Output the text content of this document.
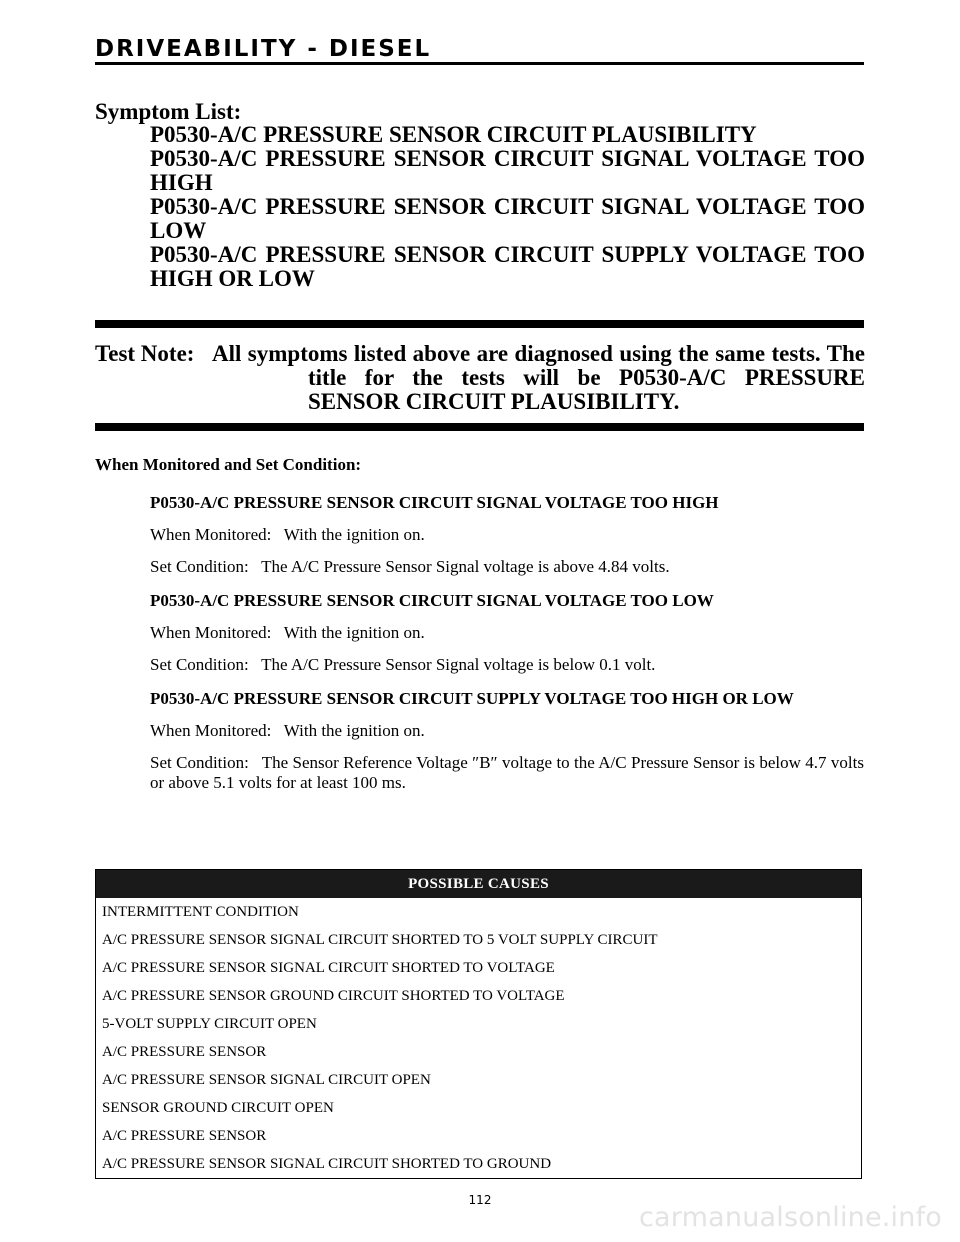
DRIVEABILITY - DIESEL
Symptom List:
P0530-A/C PRESSURE SENSOR CIRCUIT PLAUSIBILITY
P0530-A/C PRESSURE SENSOR CIRCUIT SIGNAL VOLTAGE TOO HIGH
P0530-A/C PRESSURE SENSOR CIRCUIT SIGNAL VOLTAGE TOO LOW
P0530-A/C PRESSURE SENSOR CIRCUIT SUPPLY VOLTAGE TOO HIGH OR LOW
Test Note: All symptoms listed above are diagnosed using the same tests. The title for the tests will be P0530-A/C PRESSURE SENSOR CIRCUIT PLAUSIBILITY.

When Monitored and Set Condition:

P0530-A/C PRESSURE SENSOR CIRCUIT SIGNAL VOLTAGE TOO HIGH

When Monitored:   With the ignition on.

Set Condition:   The A/C Pressure Sensor Signal voltage is above 4.84 volts.

P0530-A/C PRESSURE SENSOR CIRCUIT SIGNAL VOLTAGE TOO LOW

When Monitored:   With the ignition on.

Set Condition:   The A/C Pressure Sensor Signal voltage is below 0.1 volt.

P0530-A/C PRESSURE SENSOR CIRCUIT SUPPLY VOLTAGE TOO HIGH OR LOW

When Monitored:   With the ignition on.

Set Condition:   The Sensor Reference Voltage ″B″ voltage to the A/C Pressure Sensor is below 4.7 volts or above 5.1 volts for at least 100 ms.

POSSIBLE CAUSES
INTERMITTENT CONDITION
A/C PRESSURE SENSOR SIGNAL CIRCUIT SHORTED TO 5 VOLT SUPPLY CIRCUIT
A/C PRESSURE SENSOR SIGNAL CIRCUIT SHORTED TO VOLTAGE
A/C PRESSURE SENSOR GROUND CIRCUIT SHORTED TO VOLTAGE
5-VOLT SUPPLY CIRCUIT OPEN
A/C PRESSURE SENSOR
A/C PRESSURE SENSOR SIGNAL CIRCUIT OPEN
SENSOR GROUND CIRCUIT OPEN
A/C PRESSURE SENSOR
A/C PRESSURE SENSOR SIGNAL CIRCUIT SHORTED TO GROUND
112
carmanualsonline.info
